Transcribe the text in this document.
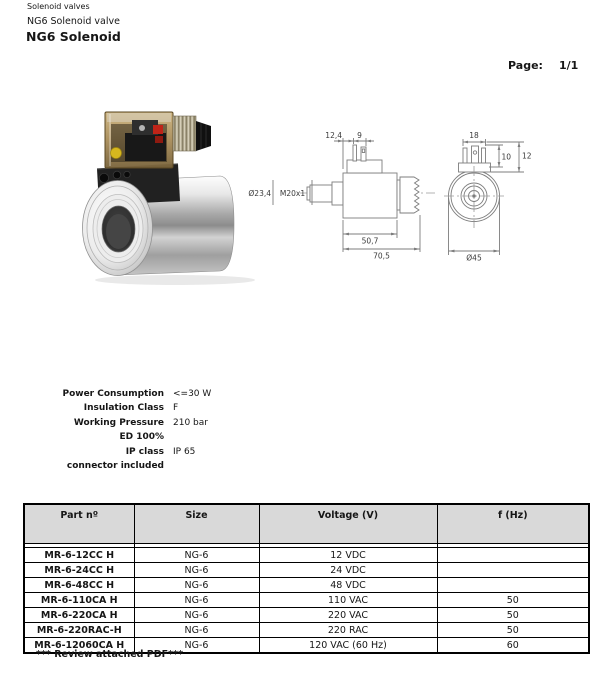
Solenoid valves
NG6 Solenoid valve
NG6 Solenoid
Page: 1/1
12,4 9
Ø23,4 M20x1
50,7
70,5
18
10 12
Ø45
Power Consumption <=30 W
Insulation Class F
Working Pressure 210 bar
ED 100%
IP class IP 65
connector included
Part nº	Size	Voltage (V)	f (Hz)

MR-6-12CC H	NG-6	12 VDC	
MR-6-24CC H	NG-6	24 VDC	
MR-6-48CC H	NG-6	48 VDC	
MR-6-110CA H	NG-6	110 VAC	50
MR-6-220CA H	NG-6	220 VAC	50
MR-6-220RAC-H	NG-6	220 RAC	50
MR-6-12060CA H	NG-6	120 VAC (60 Hz)	60
*** Review attached PDF***
